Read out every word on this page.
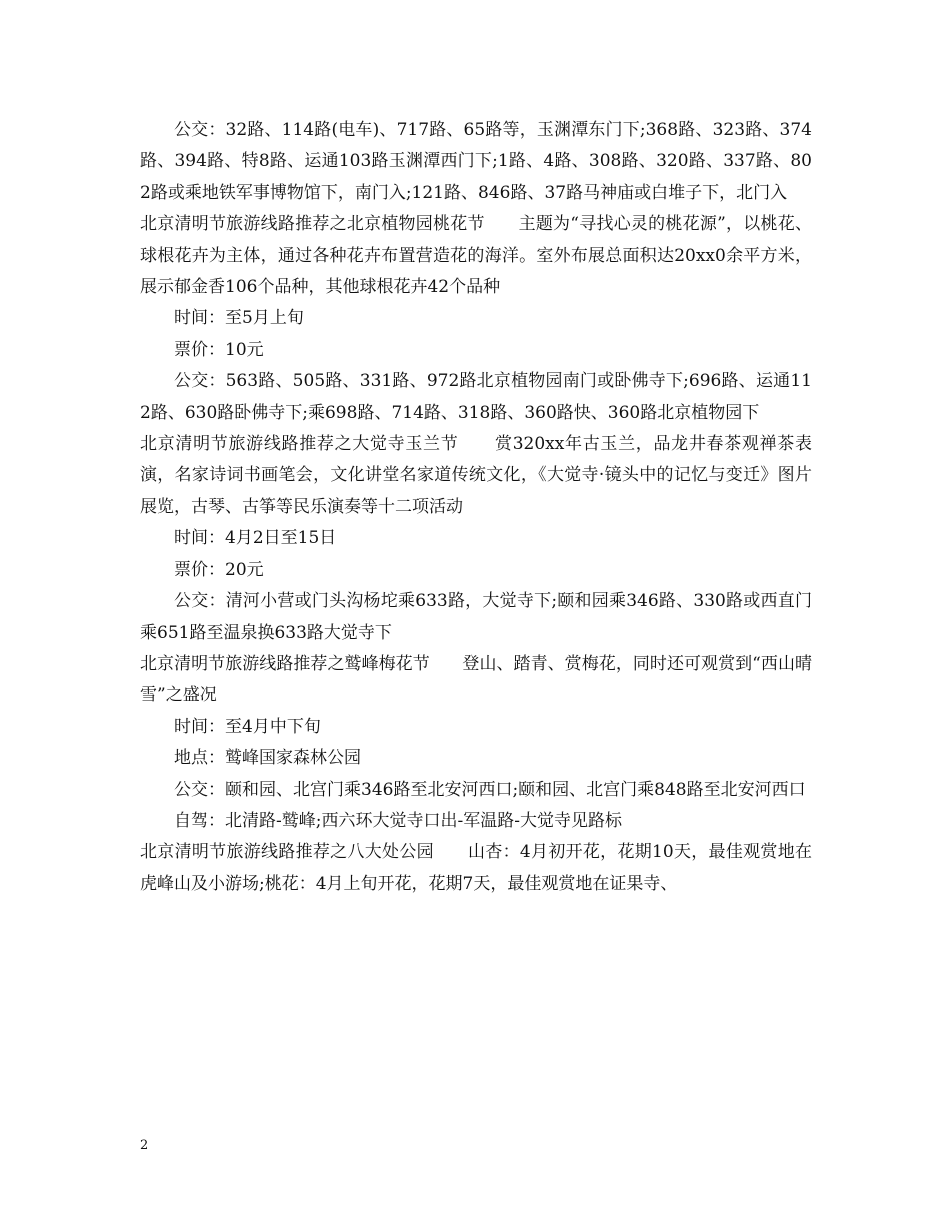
公交：32路、114路(电车)、717路、65路等，玉渊潭东门下;368路、323路、374路、394路、特8路、运通103路玉渊潭西门下;1路、4路、308路、320路、337路、802路或乘地铁军事博物馆下，南门入;121路、846路、37路马神庙或白堆子下，北门入

北京清明节旅游线路推荐之北京植物园桃花节      主题为“寻找心灵的桃花源”，以桃花、球根花卉为主体，通过各种花卉布置营造花的海洋。室外布展总面积达20xx0余平方米，展示郁金香106个品种，其他球根花卉42个品种

时间：至5月上旬

票价：10元

公交：563路、505路、331路、972路北京植物园南门或卧佛寺下;696路、运通112路、630路卧佛寺下;乘698路、714路、318路、360路快、360路北京植物园下

北京清明节旅游线路推荐之大觉寺玉兰节      赏320xx年古玉兰，品龙井春茶观禅茶表演，名家诗词书画笔会，文化讲堂名家道传统文化，《大觉寺·镜头中的记忆与变迁》图片展览，古琴、古筝等民乐演奏等十二项活动

时间：4月2日至15日

票价：20元

公交：清河小营或门头沟杨坨乘633路，大觉寺下;颐和园乘346路、330路或西直门乘651路至温泉换633路大觉寺下

北京清明节旅游线路推荐之鹫峰梅花节      登山、踏青、赏梅花，同时还可观赏到“西山晴雪”之盛况

时间：至4月中下旬

地点：鹫峰国家森林公园

公交：颐和园、北宫门乘346路至北安河西口;颐和园、北宫门乘848路至北安河西口

自驾：北清路-鹫峰;西六环大觉寺口出-军温路-大觉寺见路标

北京清明节旅游线路推荐之八大处公园      山杏：4月初开花，花期10天，最佳观赏地在虎峰山及小游场;桃花：4月上旬开花，花期7天，最佳观赏地在证果寺、

2
